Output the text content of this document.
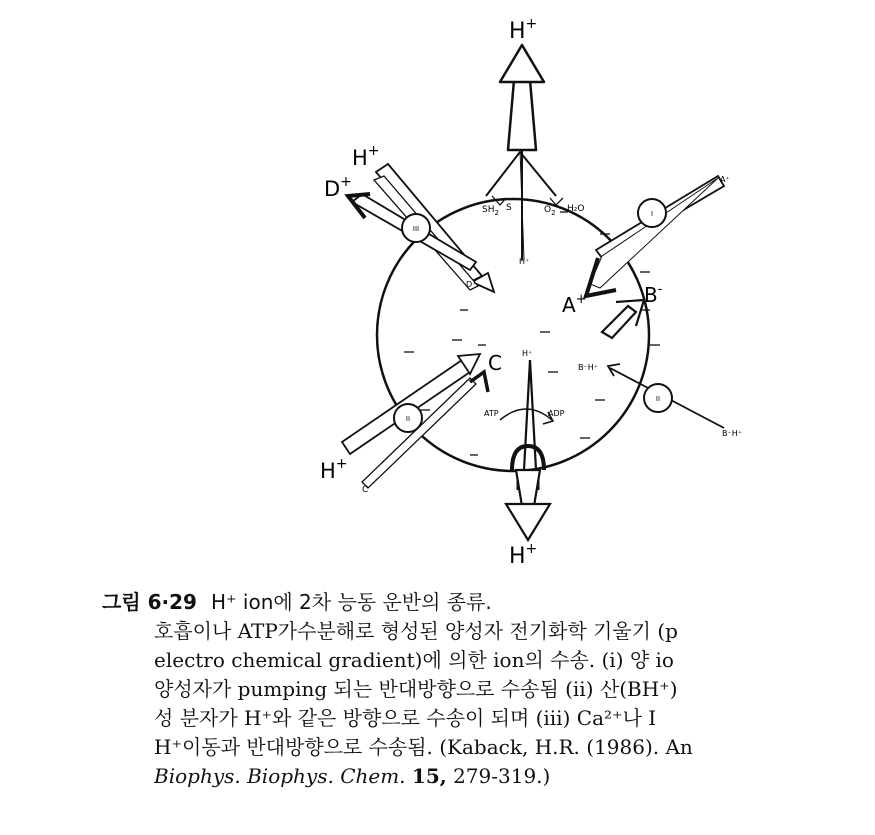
III
I
II
II
H+
H+
D+
$SH_2$ S	$O_2$ H₂O
H⁺
D⁺
A⁺
A+	B-
B⁻H⁺
B⁻H⁺
H⁺
C
ATP	ADP
H+
C
H+
그림 6·29 H⁺ ion에 2차 능동 운반의 종류.
호흡이나 ATP가수분해로 형성된 양성자 전기화학 기울기 (p
electro chemical gradient)에 의한 ion의 수송. (ⅰ) 양 io
양성자가 pumping 되는 반대방향으로 수송됨 (ⅱ) 산(BH⁺)
성 분자가 H⁺와 같은 방향으로 수송이 되며 (ⅲ) Ca²⁺나 I
H⁺이동과 반대방향으로 수송됨. (Kaback, H.R. (1986). An
Biophys. Biophys. Chem. 15, 279-319.)
